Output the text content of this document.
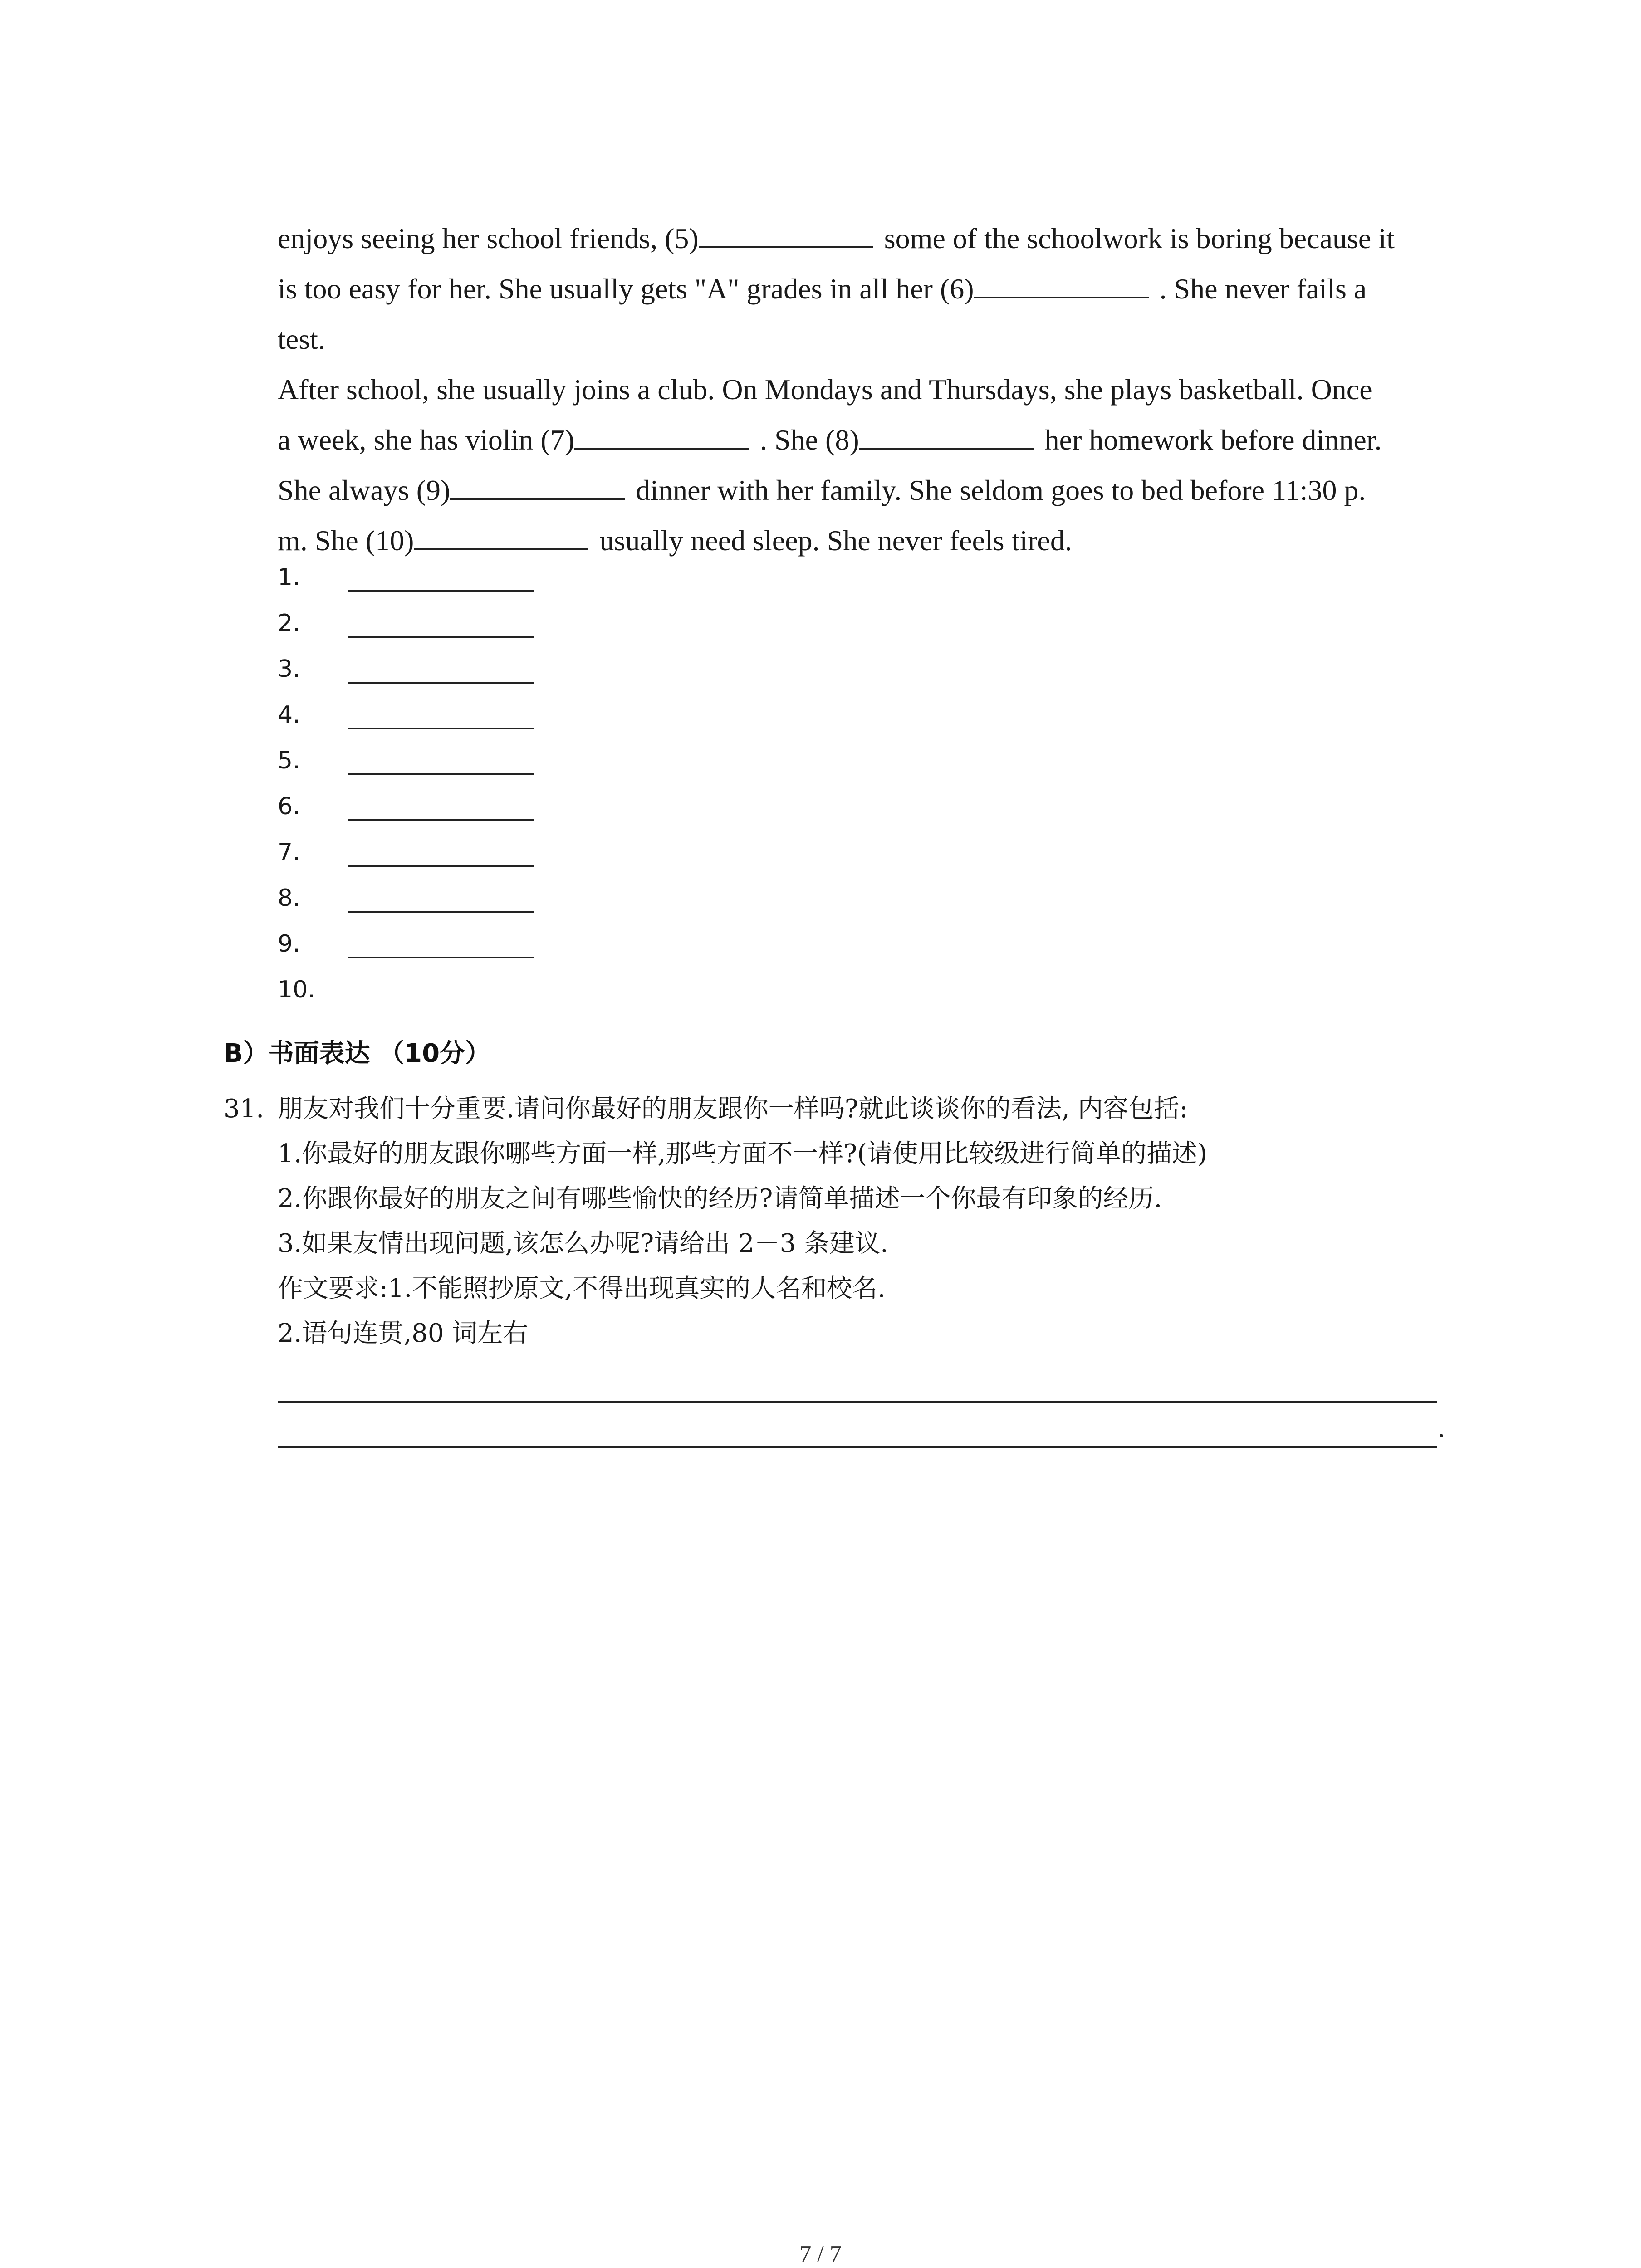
enjoys seeing her school friends, (5)	some of the schoolwork is boring because it

is too easy for her. She usually gets "A" grades in all her (6)	. She never fails a

test.

After school, she usually joins a club. On Mondays and Thursdays, she plays basketball. Once

a week, she has violin (7)	. She (8)	her homework before dinner.

She always (9)	dinner with her family. She seldom goes to bed before 11:30 p.

m. She (10)	usually need sleep. She never feels tired.

1.
2.
3.
4.
5.
6.
7.
8.
9.
10.
B）书面表达 （10分）
31. 朋友对我们十分重要.请问你最好的朋友跟你一样吗?就此谈谈你的看法, 内容包括:
1.你最好的朋友跟你哪些方面一样,那些方面不一样?(请使用比较级进行简单的描述)
2.你跟你最好的朋友之间有哪些愉快的经历?请简单描述一个你最有印象的经历.
3.如果友情出现问题,该怎么办呢?请给出 2－3 条建议.
作文要求:1.不能照抄原文,不得出现真实的人名和校名.
2.语句连贯,80 词左右
.
7 / 7
